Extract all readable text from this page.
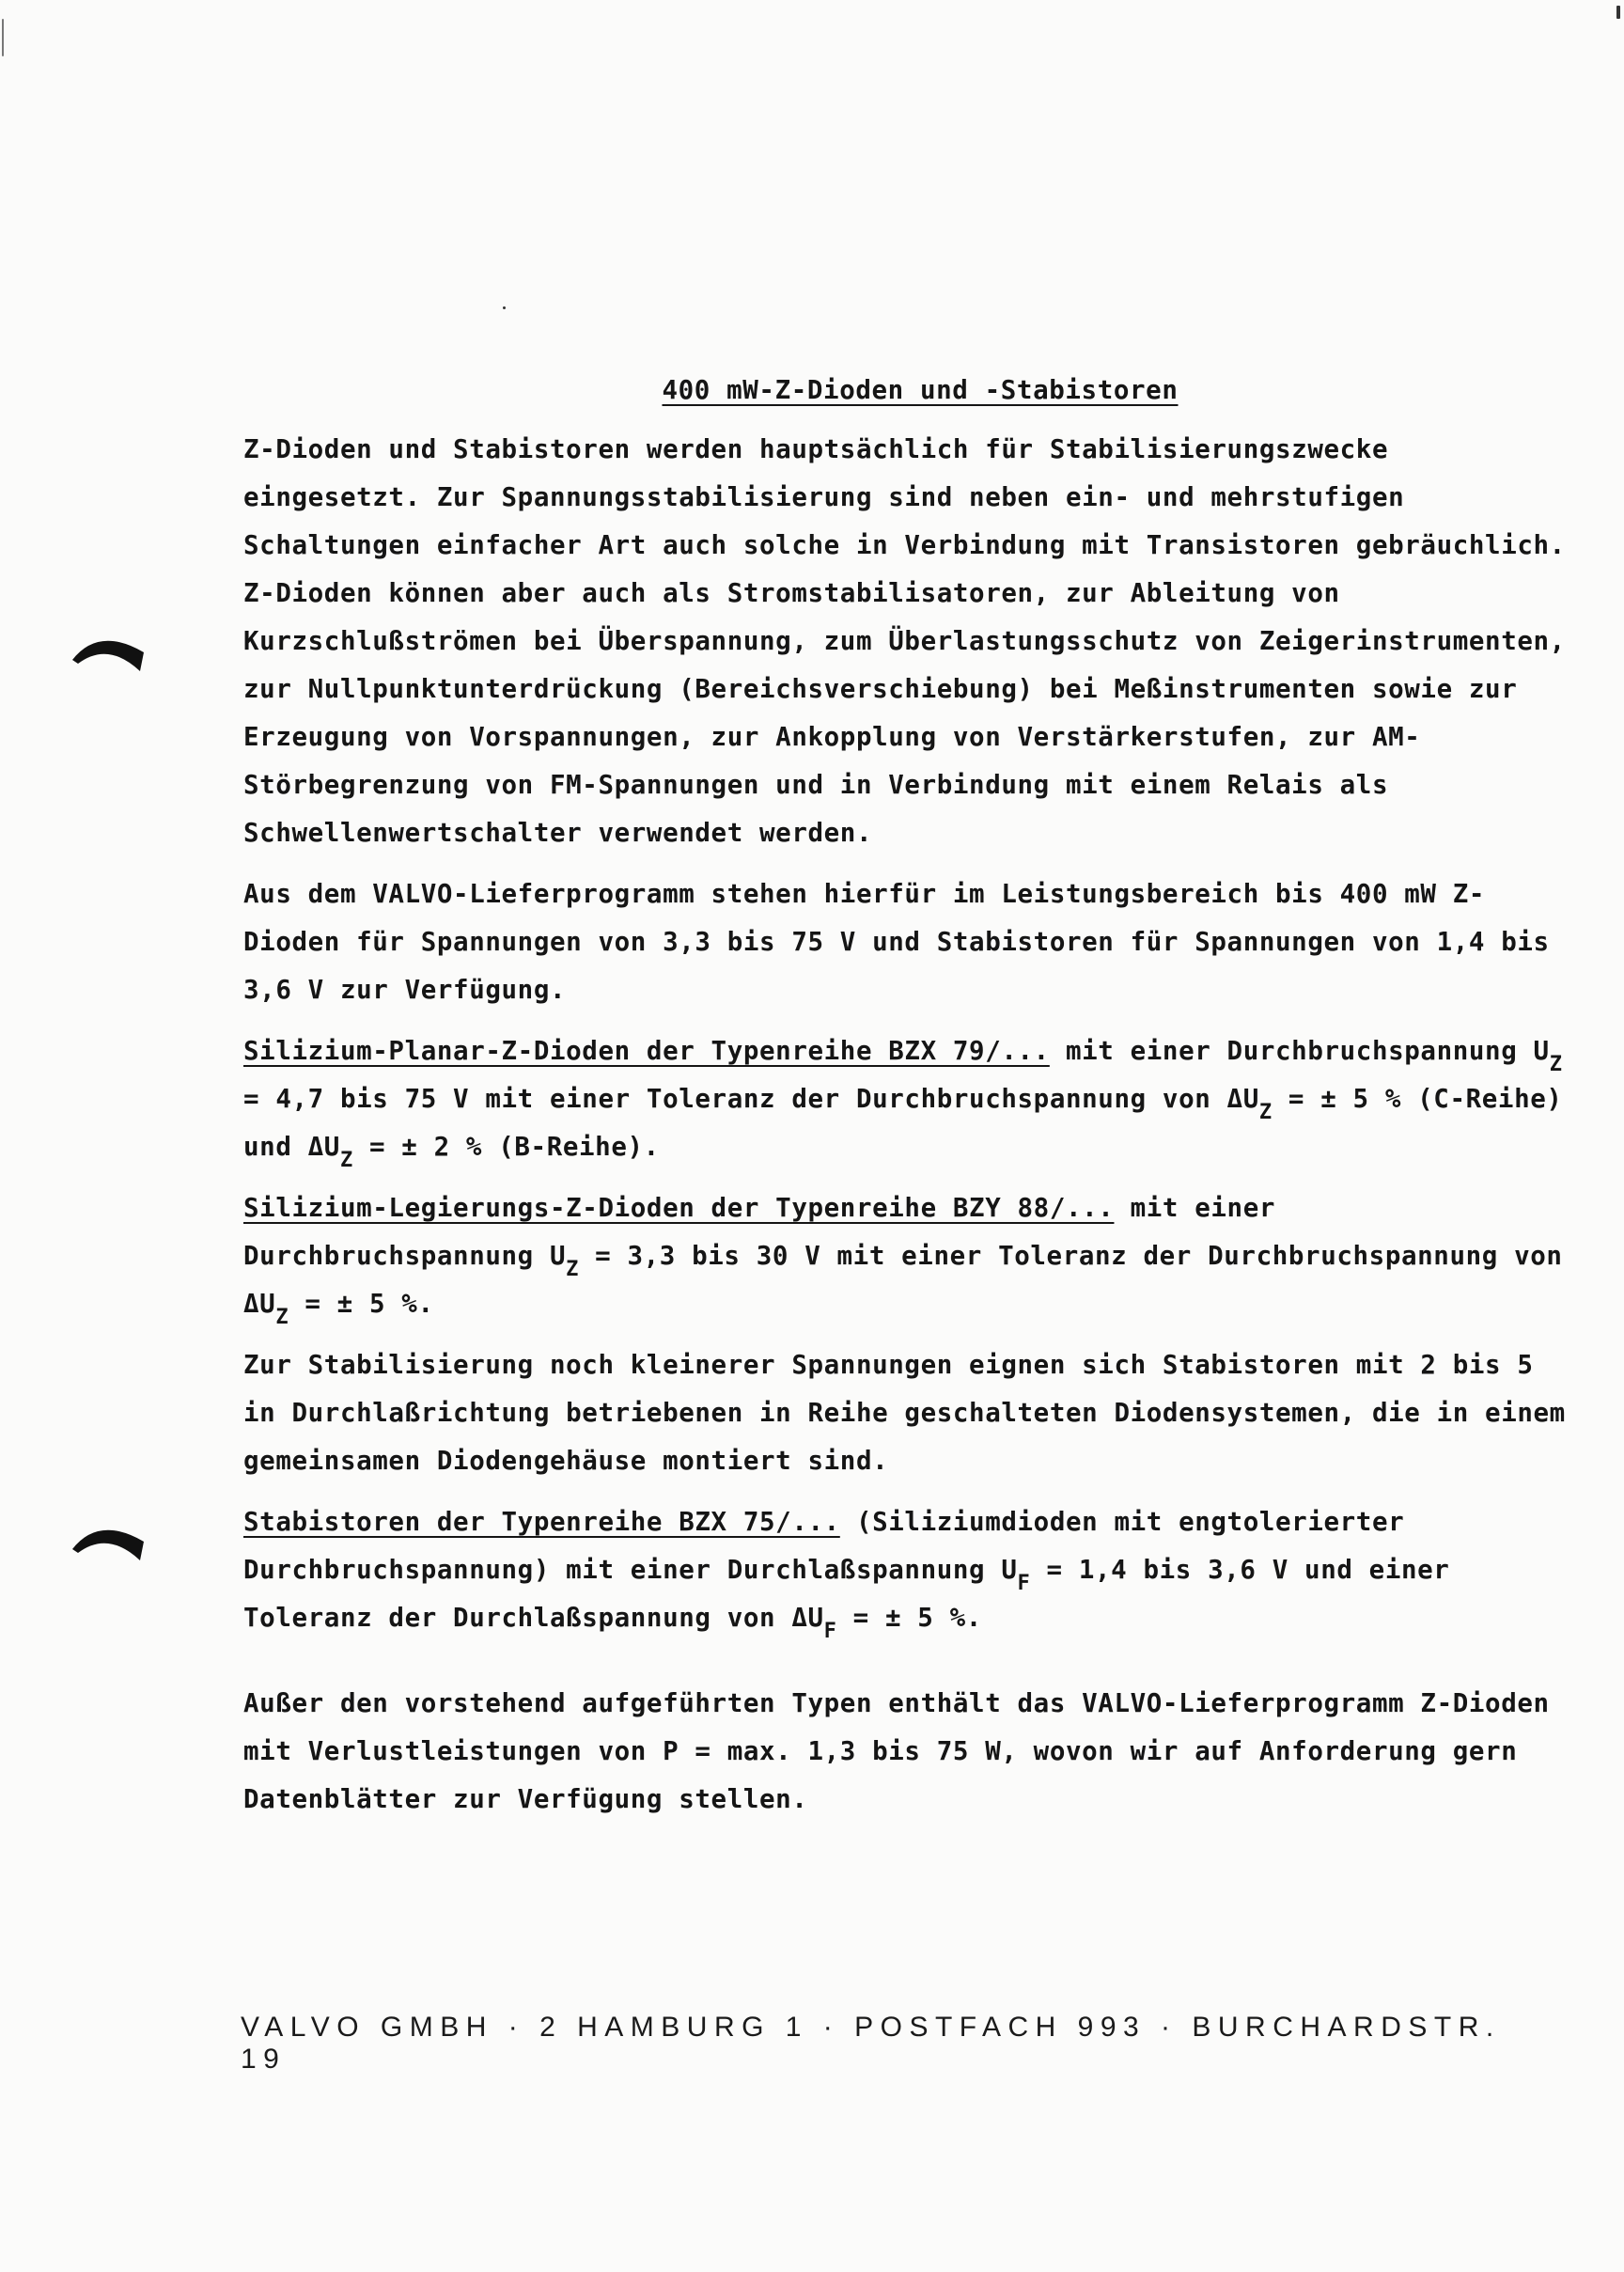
400 mW-Z-Dioden und -Stabistoren

Z-Dioden und Stabistoren werden hauptsächlich für Stabilisierungszwecke eingesetzt. Zur Spannungsstabilisierung sind neben ein- und mehrstufigen Schaltungen einfacher Art auch solche in Verbindung mit Transistoren gebräuchlich. Z-Dioden können aber auch als Stromstabilisatoren, zur Ableitung von Kurzschlußströmen bei Überspannung, zum Überlastungsschutz von Zeigerinstrumenten, zur Nullpunktunterdrückung (Bereichsverschiebung) bei Meßinstrumenten sowie zur Erzeugung von Vorspannungen, zur Ankopplung von Verstärkerstufen, zur AM-Störbegrenzung von FM-Spannungen und in Verbindung mit einem Relais als Schwellenwertschalter verwendet werden.

Aus dem VALVO-Lieferprogramm stehen hierfür im Leistungsbereich bis 400 mW Z-Dioden für Spannungen von 3,3 bis 75 V und Stabistoren für Spannungen von 1,4 bis 3,6 V zur Verfügung.

Silizium-Planar-Z-Dioden der Typenreihe BZX 79/... mit einer Durchbruchspannung $U_Z = 4,7$ bis 75 V mit einer Toleranz der Durchbruchspannung von $\Delta U_Z$ = ± 5 % (C-Reihe) und $\Delta U_Z$ = ± 2 % (B-Reihe).

Silizium-Legierungs-Z-Dioden der Typenreihe BZY 88/... mit einer Durchbruchspannung $U_Z = 3,3$ bis 30 V mit einer Toleranz der Durchbruchspannung von $\Delta U_Z$ = ± 5 %.

Zur Stabilisierung noch kleinerer Spannungen eignen sich Stabistoren mit 2 bis 5 in Durchlaßrichtung betriebenen in Reihe geschalteten Diodensystemen, die in einem gemeinsamen Diodengehäuse montiert sind.

Stabistoren der Typenreihe BZX 75/... (Siliziumdioden mit engtolerierter Durchbruchspannung) mit einer Durchlaßspannung $U_F = 1,4$ bis 3,6 V und einer Toleranz der Durchlaßspannung von $\Delta U_F$ = ± 5 %.

Außer den vorstehend aufgeführten Typen enthält das VALVO-Lieferprogramm Z-Dioden mit Verlustleistungen von P = max. 1,3 bis 75 W, wovon wir auf Anforderung gern Datenblätter zur Verfügung stellen.

VALVO GMBH · 2 HAMBURG 1 · POSTFACH 993 · BURCHARDSTR. 19
